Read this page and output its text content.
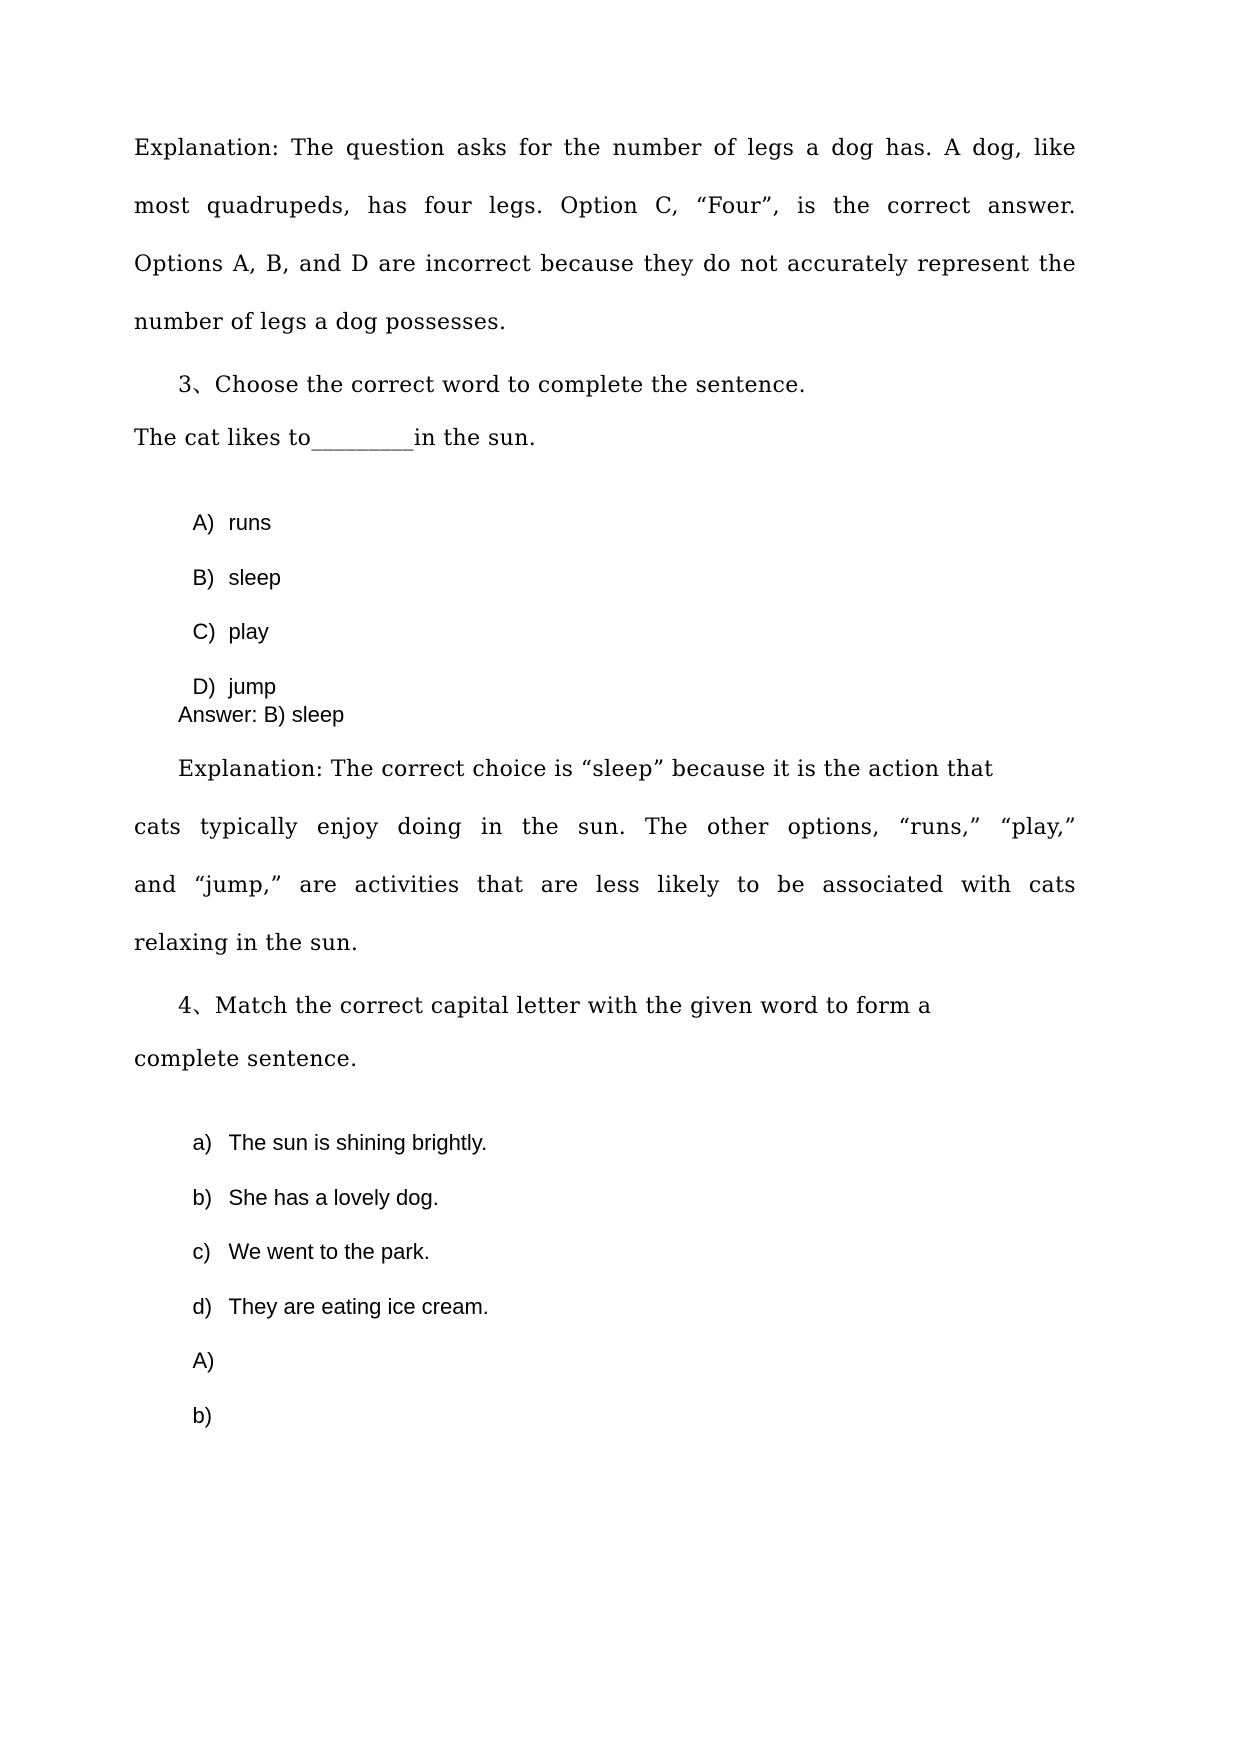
Explanation: The question asks for the number of legs a dog has. A dog, like
most quadrupeds, has four legs. Option C, “Four”, is the correct answer.
Options A, B, and D are incorrect because they do not accurately represent the
number of legs a dog possesses.
3、Choose the correct word to complete the sentence.
The cat likes to_________in the sun.

A) runs

B) sleep

C) play

D) jump

Answer: B) sleep
Explanation: The correct choice is “sleep” because it is the action that
cats typically enjoy doing in the sun. The other options, “runs,” “play,”
and “jump,” are activities that are less likely to be associated with cats
relaxing in the sun.
4、Match the correct capital letter with the given word to form a
complete sentence.

a) The sun is shining brightly.

b) She has a lovely dog.

c) We went to the park.

d) They are eating ice cream.

A)

b)
